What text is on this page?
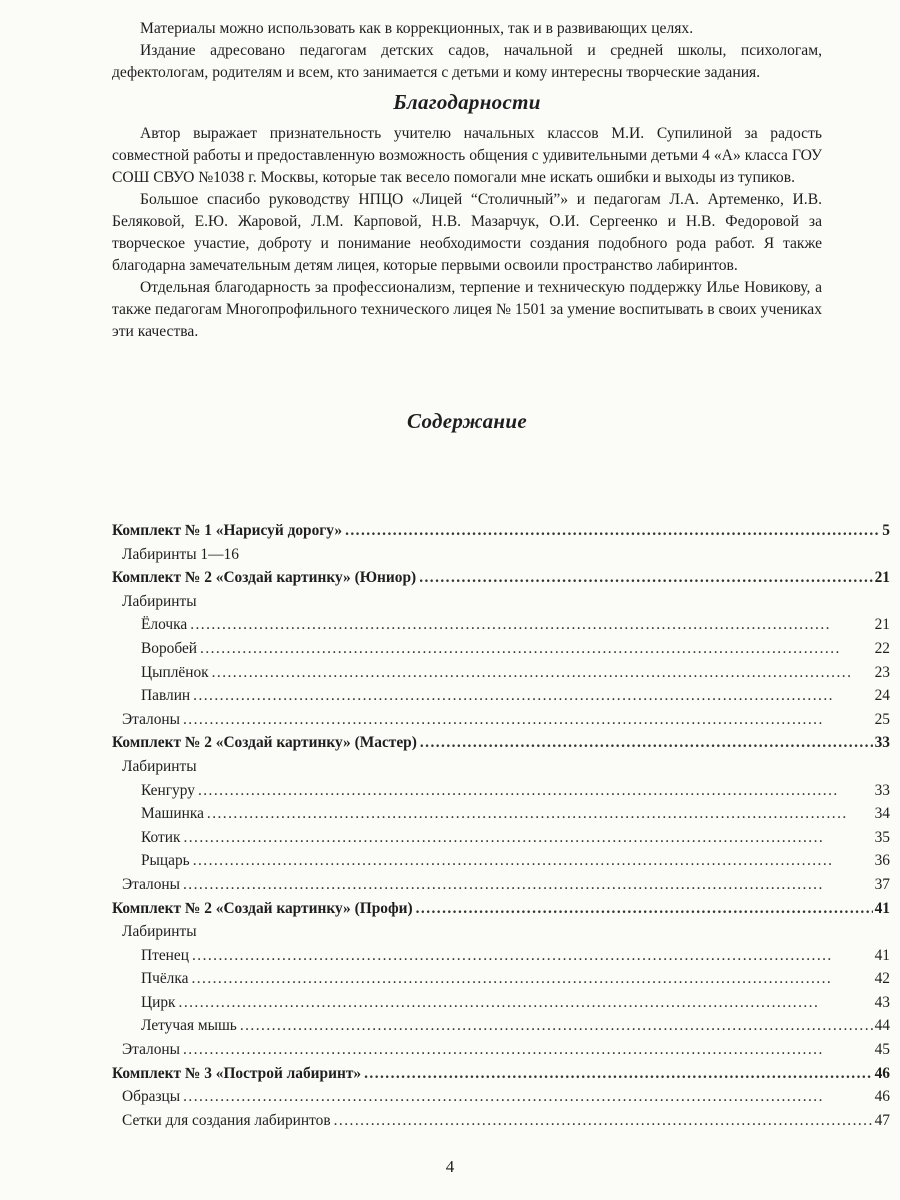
Материалы можно использовать как в коррекционных, так и в развивающих целях.

Издание адресовано педагогам детских садов, начальной и средней школы, психологам, дефектологам, родителям и всем, кто занимается с детьми и кому интересны творческие задания.

Благодарности

Автор выражает признательность учителю начальных классов М.И. Супилиной за радость совместной работы и предоставленную возможность общения с удивительными детьми 4 «А» класса ГОУ СОШ СВУО №1038 г. Москвы, которые так весело помогали мне искать ошибки и выходы из тупиков.

Большое спасибо руководству НПЦО «Лицей “Столичный”» и педагогам Л.А. Артеменко, И.В. Беляковой, Е.Ю. Жаровой, Л.М. Карповой, Н.В. Мазарчук, О.И. Сергеенко и Н.В. Федоровой за творческое участие, доброту и понимание необходимости создания подобного рода работ. Я также благодарна замечательным детям лицея, которые первыми освоили пространство лабиринтов.

Отдельная благодарность за профессионализм, терпение и техническую поддержку Илье Новикову, а также педагогам Многопрофильного технического лицея № 1501 за умение воспитывать в своих учениках эти качества.

Содержание
Комплект № 1 «Нарисуй дорогу» . . .	5
Лабиринты 1—16
Комплект № 2 «Создай картинку» (Юниор) . . .	21
Лабиринты
Ёлочка . . .	21
Воробей . . .	22
Цыплёнок . . .	23
Павлин . . .	24
Эталоны . . .	25
Комплект № 2 «Создай картинку» (Мастер) . . .	33
Лабиринты
Кенгуру . . .	33
Машинка . . .	34
Котик . . .	35
Рыцарь . . .	36
Эталоны . . .	37
Комплект № 2 «Создай картинку» (Профи) . . .	41
Лабиринты
Птенец . . .	41
Пчёлка . . .	42
Цирк . . .	43
Летучая мышь . . .	44
Эталоны . . .	45
Комплект № 3 «Построй лабиринт» . . .	46
Образцы . . .	46
Сетки для создания лабиринтов . . .	47
4
